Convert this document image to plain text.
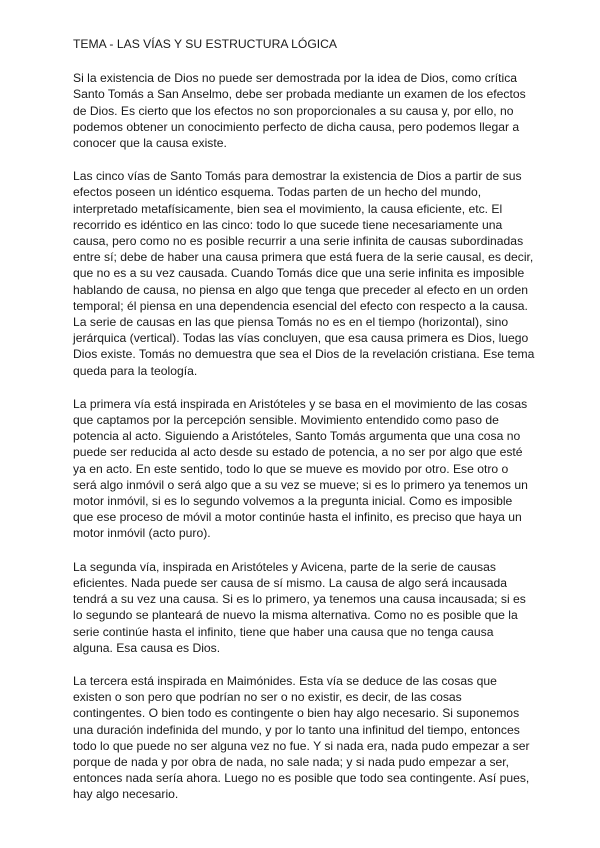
TEMA - LAS VÍAS Y SU ESTRUCTURA LÓGICA

Si la existencia de Dios no puede ser demostrada por la idea de Dios, como crítica Santo Tomás a San Anselmo, debe ser probada mediante un examen de los efectos de Dios. Es cierto que los efectos no son proporcionales a su causa y, por ello, no podemos obtener un conocimiento perfecto de dicha causa, pero podemos llegar a conocer que la causa existe.

Las cinco vías de Santo Tomás para demostrar la existencia de Dios a partir de sus efectos poseen un idéntico esquema. Todas parten de un hecho del mundo, interpretado metafísicamente, bien sea el movimiento, la causa eficiente, etc. El recorrido es idéntico en las cinco: todo lo que sucede tiene necesariamente una causa, pero como no es posible recurrir a una serie infinita de causas subordinadas entre sí; debe de haber una causa primera que está fuera de la serie causal, es decir, que no es a su vez causada. Cuando Tomás dice que una serie infinita es imposible hablando de causa, no piensa en algo que tenga que preceder al efecto en un orden temporal; él piensa en una dependencia esencial del efecto con respecto a la causa. La serie de causas en las que piensa Tomás no es en el tiempo (horizontal), sino jerárquica (vertical). Todas las vías concluyen, que esa causa primera es Dios, luego Dios existe. Tomás no demuestra que sea el Dios de la revelación cristiana. Ese tema queda para la teología.

La primera vía está inspirada en Aristóteles y se basa en el movimiento de las cosas que captamos por la percepción sensible. Movimiento entendido como paso de potencia al acto. Siguiendo a Aristóteles, Santo Tomás argumenta que una cosa no puede ser reducida al acto desde su estado de potencia, a no ser por algo que esté ya en acto. En este sentido, todo lo que se mueve es movido por otro. Ese otro o será algo inmóvil o será algo que a su vez se mueve; si es lo primero ya tenemos un motor inmóvil, si es lo segundo volvemos a la pregunta inicial. Como es imposible que ese proceso de móvil a motor continúe hasta el infinito, es preciso que haya un motor inmóvil (acto puro).

La segunda vía, inspirada en Aristóteles y Avicena, parte de la serie de causas eficientes. Nada puede ser causa de sí mismo. La causa de algo será incausada tendrá a su vez una causa. Si es lo primero, ya tenemos una causa incausada; si es lo segundo se planteará de nuevo la misma alternativa. Como no es posible que la serie continúe hasta el infinito, tiene que haber una causa que no tenga causa alguna. Esa causa es Dios.

La tercera está inspirada en Maimónides. Esta vía se deduce de las cosas que existen o son pero que podrían no ser o no existir, es decir, de las cosas contingentes. O bien todo es contingente o bien hay algo necesario. Si suponemos una duración indefinida del mundo, y por lo tanto una infinitud del tiempo, entonces todo lo que puede no ser alguna vez no fue. Y si nada era, nada pudo empezar a ser porque de nada y por obra de nada, no sale nada; y si nada pudo empezar a ser, entonces nada sería ahora. Luego no es posible que todo sea contingente. Así pues, hay algo necesario.
